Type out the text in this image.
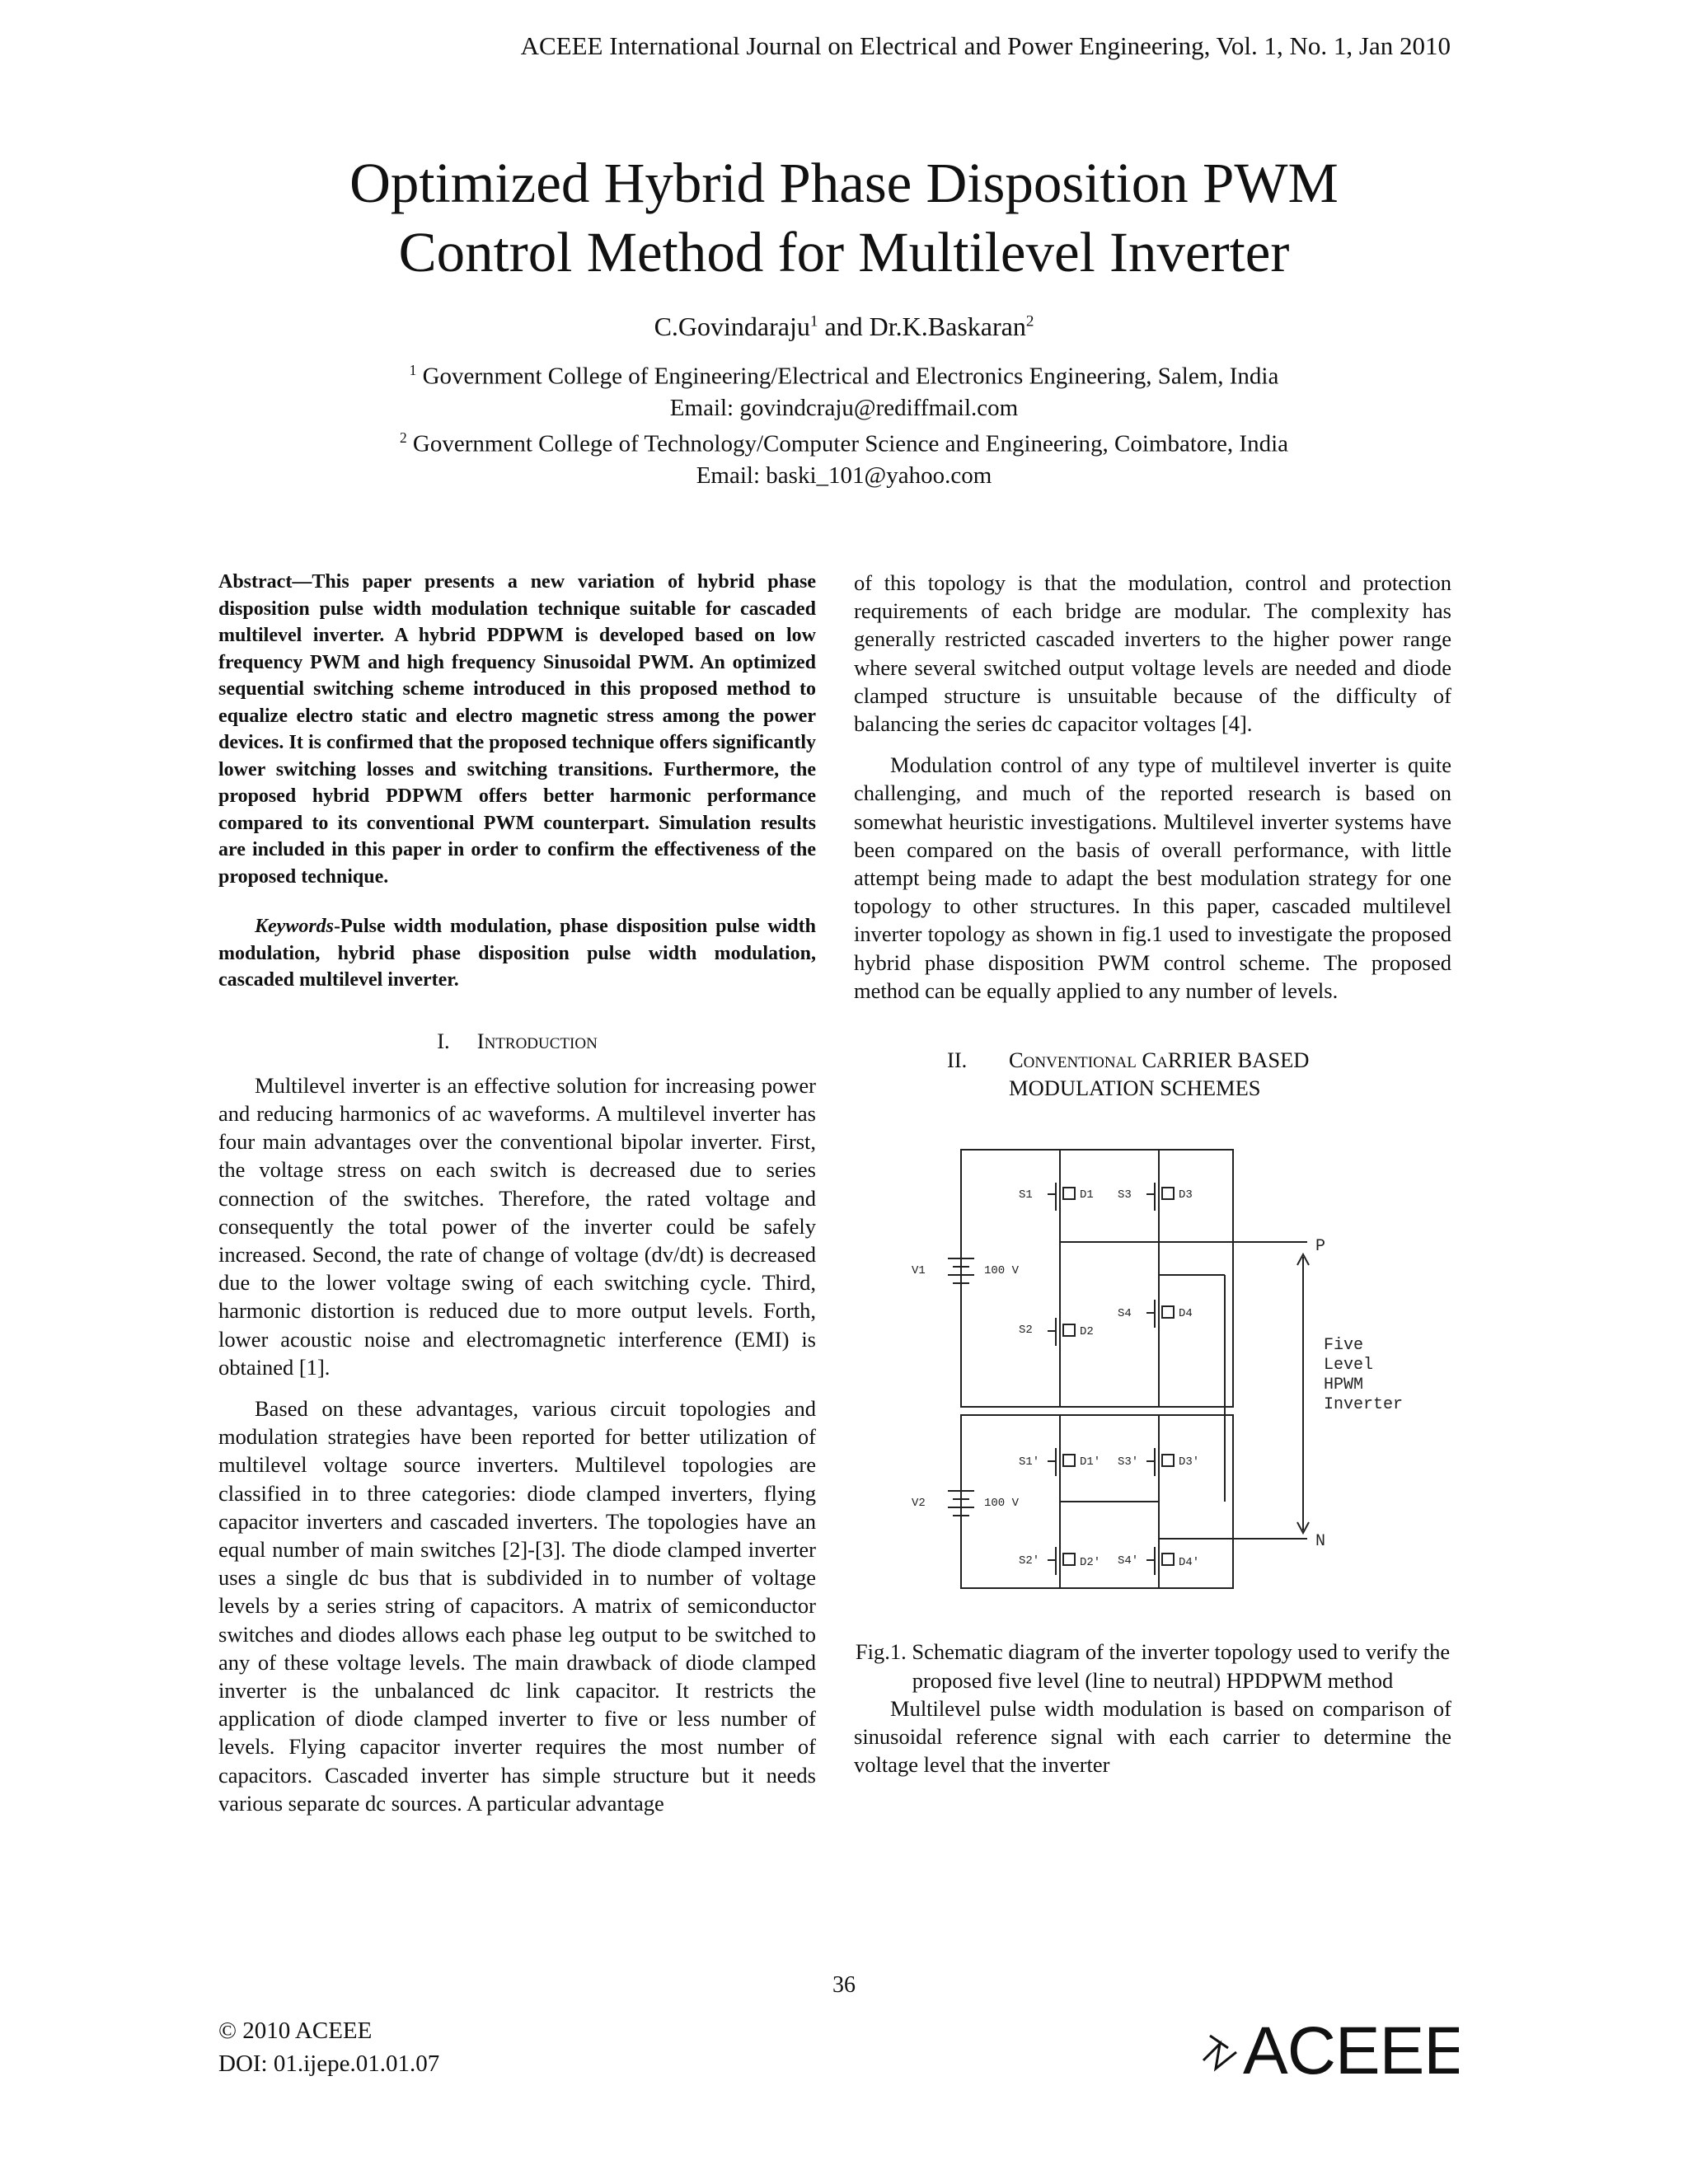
ACEEE International Journal on Electrical and Power Engineering, Vol. 1, No. 1, Jan 2010
Optimized Hybrid Phase Disposition PWM
Control Method for Multilevel Inverter
C.Govindaraju$^1$ and Dr.K.Baskaran$^2$
$^1$ Government College of Engineering/Electrical and Electronics Engineering, Salem, India
Email: govindcraju@rediffmail.com
$^2$ Government College of Technology/Computer Science and Engineering, Coimbatore, India
Email: baski_101@yahoo.com

Abstract—This paper presents a new variation of hybrid phase disposition pulse width modulation technique suitable for cascaded multilevel inverter. A hybrid PDPWM is developed based on low frequency PWM and high frequency Sinusoidal PWM. An optimized sequential switching scheme introduced in this proposed method to equalize electro static and electro magnetic stress among the power devices. It is confirmed that the proposed technique offers significantly lower switching losses and switching transitions. Furthermore, the proposed hybrid PDPWM offers better harmonic performance compared to its conventional PWM counterpart. Simulation results are included in this paper in order to confirm the effectiveness of the proposed technique.

Keywords-Pulse width modulation, phase disposition pulse width modulation, hybrid phase disposition pulse width modulation, cascaded multilevel inverter.

I. Introduction

Multilevel inverter is an effective solution for increasing power and reducing harmonics of ac waveforms. A multilevel inverter has four main advantages over the conventional bipolar inverter. First, the voltage stress on each switch is decreased due to series connection of the switches. Therefore, the rated voltage and consequently the total power of the inverter could be safely increased. Second, the rate of change of voltage (dv/dt) is decreased due to the lower voltage swing of each switching cycle. Third, harmonic distortion is reduced due to more output levels. Forth, lower acoustic noise and electromagnetic interference (EMI) is obtained [1].

Based on these advantages, various circuit topologies and modulation strategies have been reported for better utilization of multilevel voltage source inverters. Multilevel topologies are classified in to three categories: diode clamped inverters, flying capacitor inverters and cascaded inverters. The topologies have an equal number of main switches [2]-[3]. The diode clamped inverter uses a single dc bus that is subdivided in to number of voltage levels by a series string of capacitors. A matrix of semiconductor switches and diodes allows each phase leg output to be switched to any of these voltage levels. The main drawback of diode clamped inverter is the unbalanced dc link capacitor. It restricts the application of diode clamped inverter to five or less number of levels. Flying capacitor inverter requires the most number of capacitors. Cascaded inverter has simple structure but it needs various separate dc sources. A particular advantage

of this topology is that the modulation, control and protection requirements of each bridge are modular. The complexity has generally restricted cascaded inverters to the higher power range where several switched output voltage levels are needed and diode clamped structure is unsuitable because of the difficulty of balancing the series dc capacitor voltages [4].

Modulation control of any type of multilevel inverter is quite challenging, and much of the reported research is based on somewhat heuristic investigations. Multilevel inverter systems have been compared on the basis of overall performance, with little attempt being made to adapt the best modulation strategy for one topology to other structures. In this paper, cascaded multilevel inverter topology as shown in fig.1 used to investigate the proposed hybrid phase disposition PWM control scheme. The proposed method can be equally applied to any number of levels.

II. Conventional CaRRIER BASED
MODULATION SCHEMES

S1	D1 S3	D3
S2	D2
S4	D4
S1'	D1' S3'	D3'
S2'	D2' S4'	D4'
V1	100 V
V2	100 V
P
N
Five
Level
HPWM
Inverter

Fig.1. Schematic diagram of the inverter topology used to verify the proposed five level (line to neutral) HPDPWM method

Multilevel pulse width modulation is based on comparison of sinusoidal reference signal with each carrier to determine the voltage level that the inverter

36
© 2010 ACEEE
DOI: 01.ijepe.01.01.07	ACEEE
